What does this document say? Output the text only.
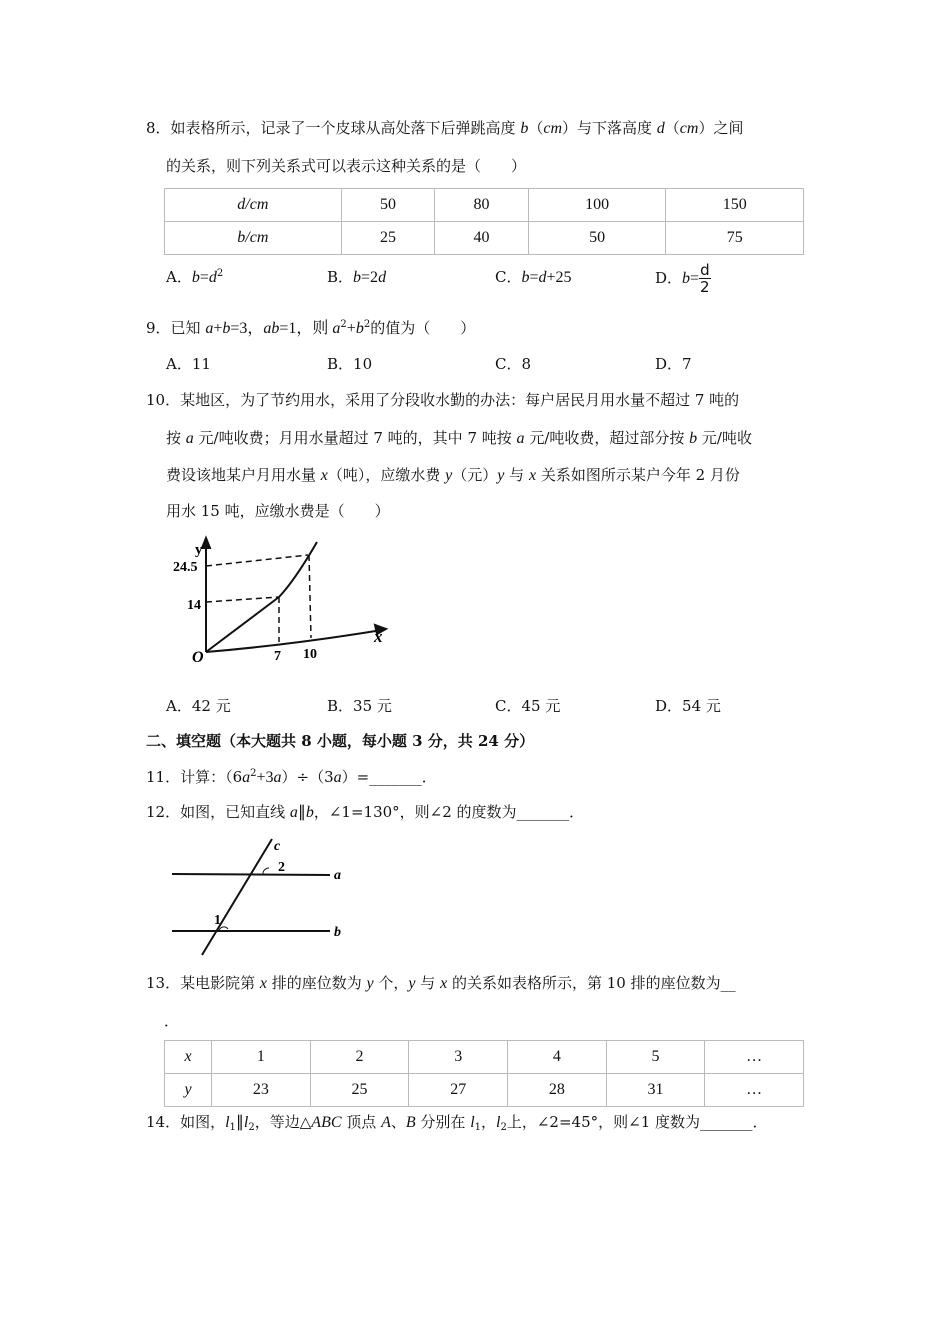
8．如表格所示，记录了一个皮球从高处落下后弹跳高度 b（cm）与下落高度 d（cm）之间
的关系，则下列关系式可以表示这种关系的是（　　）
d/cm	50	80	100	150
b/cm	25	40	50	75
A．$b=d^2$	B．b=2d	C．b=d+25	D．$b= \frac{d}{2}$
9．已知 a+b=3，ab=1，则 $a^2+b^2$的值为（　　）
A．11	B．10	C．8	D．7
10．某地区，为了节约用水，采用了分段收水勤的办法：每户居民月用水量不超过 7 吨的
按 a 元/吨收费；月用水量超过 7 吨的，其中 7 吨按 a 元/吨收费，超过部分按 b 元/吨收
费设该地某户月用水量 x（吨），应缴水费 y（元）y 与 x 关系如图所示某户今年 2 月份
用水 15 吨，应缴水费是（　　）
y
x
O
24.5
14
7 10
A．42 元	B．35 元	C．45 元	D．54 元
二、填空题（本大题共 8 小题，每小题 3 分，共 24 分）
11．计算：$(6a^2+3a)\div(3a)=\_\_\_\_\_\_\_$．
12．如图，已知直线 a∥b，∠1=130°，则∠2 的度数为_______．
c
a
b
2
1
13．某电影院第 x 排的座位数为 y 个，y 与 x 的关系如表格所示，第 10 排的座位数为__
．
x	1	2	3	4	5	…
y	23	25	27	28	31	…
14．如图，$l_1\parallel l_2$，等边△ABC 顶点 A、B 分别在 $l_1$，$l_2$上，∠2=45°，则∠1 度数为_______．
